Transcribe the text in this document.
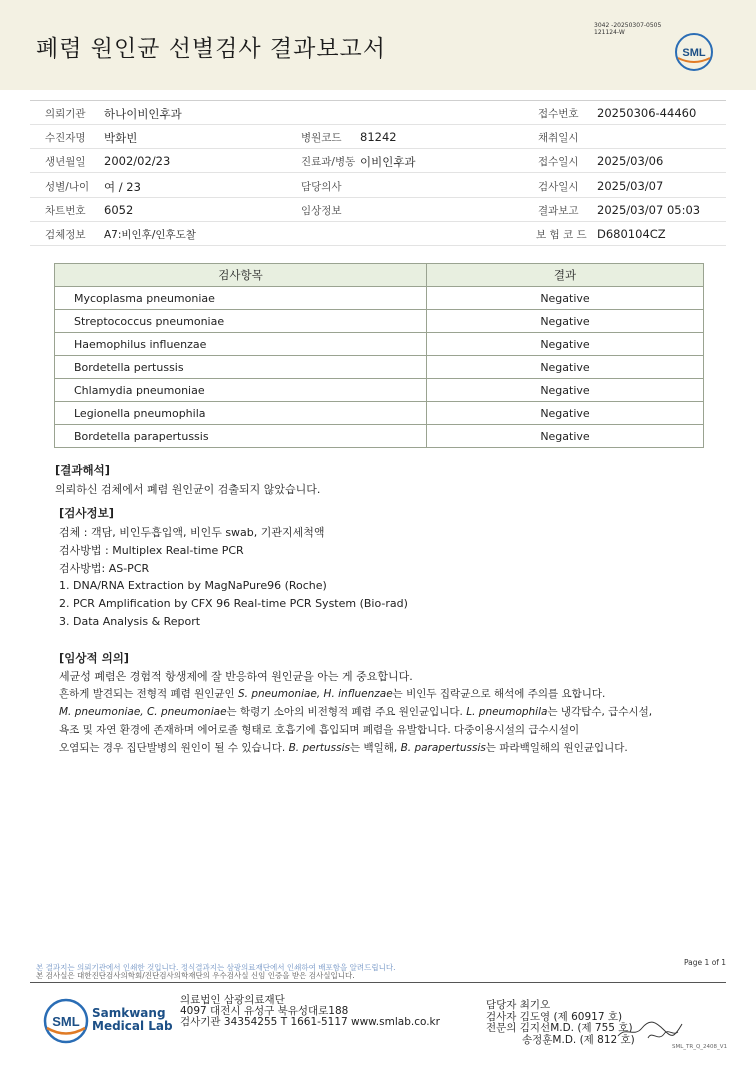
폐렴 원인균 선별검사 결과보고서
3042 -20250307-0505
121124-W
SML
의뢰기관 하나이비인후과	접수번호 20250306-44460
수진자명 박화빈	병원코드 81242	채취일시
생년월일 2002/02/23	진료과/병동 이비인후과	접수일시 2025/03/06
성별/나이 여 / 23	담당의사	검사일시 2025/03/07
차트번호 6052	임상정보	결과보고 2025/03/07 05:03
검체정보 A7:비인후/인후도찰	보 험 코 드 D680104CZ
검사항목	결과
Mycoplasma pneumoniae	Negative
Streptococcus pneumoniae	Negative
Haemophilus influenzae	Negative
Bordetella pertussis	Negative
Chlamydia pneumoniae	Negative
Legionella pneumophila	Negative
Bordetella parapertussis	Negative
[결과해석]
의뢰하신 검체에서 폐렴 원인균이 검출되지 않았습니다.
[검사정보]
검체 : 객담, 비인두흡입액, 비인두 swab, 기관지세척액
검사방법 : Multiplex Real-time PCR
검사방법: AS-PCR
1. DNA/RNA Extraction by MagNaPure96 (Roche)
2. PCR Amplification by CFX 96 Real-time PCR System (Bio-rad)
3. Data Analysis & Report
[임상적 의의]
세균성 폐렴은 경험적 항생제에 잘 반응하여 원인균을 아는 게 중요합니다.
흔하게 발견되는 전형적 폐렴 원인균인 S. pneumoniae, H. influenzae는 비인두 집락균으로 해석에 주의를 요합니다.
M. pneumoniae, C. pneumoniae는 학령기 소아의 비전형적 폐렴 주요 원인균입니다. L. pneumophila는 냉각탑수, 급수시설,
욕조 및 자연 환경에 존재하며 에어로졸 형태로 호흡기에 흡입되며 폐렴을 유발합니다. 다중이용시설의 급수시설이
오염되는 경우 집단발병의 원인이 될 수 있습니다. B. pertussis는 백일해, B. parapertussis는 파라백일해의 원인균입니다.
본 결과지는 의뢰기관에서 인쇄한 것입니다. 정식결과지는 삼광의료재단에서 인쇄하여 배포함을 알려드립니다.
본 검사실은 대한진단검사의학회/진단검사의학재단의 우수검사실 신임 인증을 받은 검사실입니다.
Page 1 of 1
SML
Samkwang
Medical Lab
의료법인 삼광의료재단
4097 대전시 유성구 북유성대로188
검사기관 34354255 T 1661-5117 www.smlab.co.kr
담당자 최기오
검사자 김도영 (제 60917 호)
전문의 김지선M.D. (제 755 호)
송정훈M.D. (제 812 호)
SML_TR_Q_2408_V1
